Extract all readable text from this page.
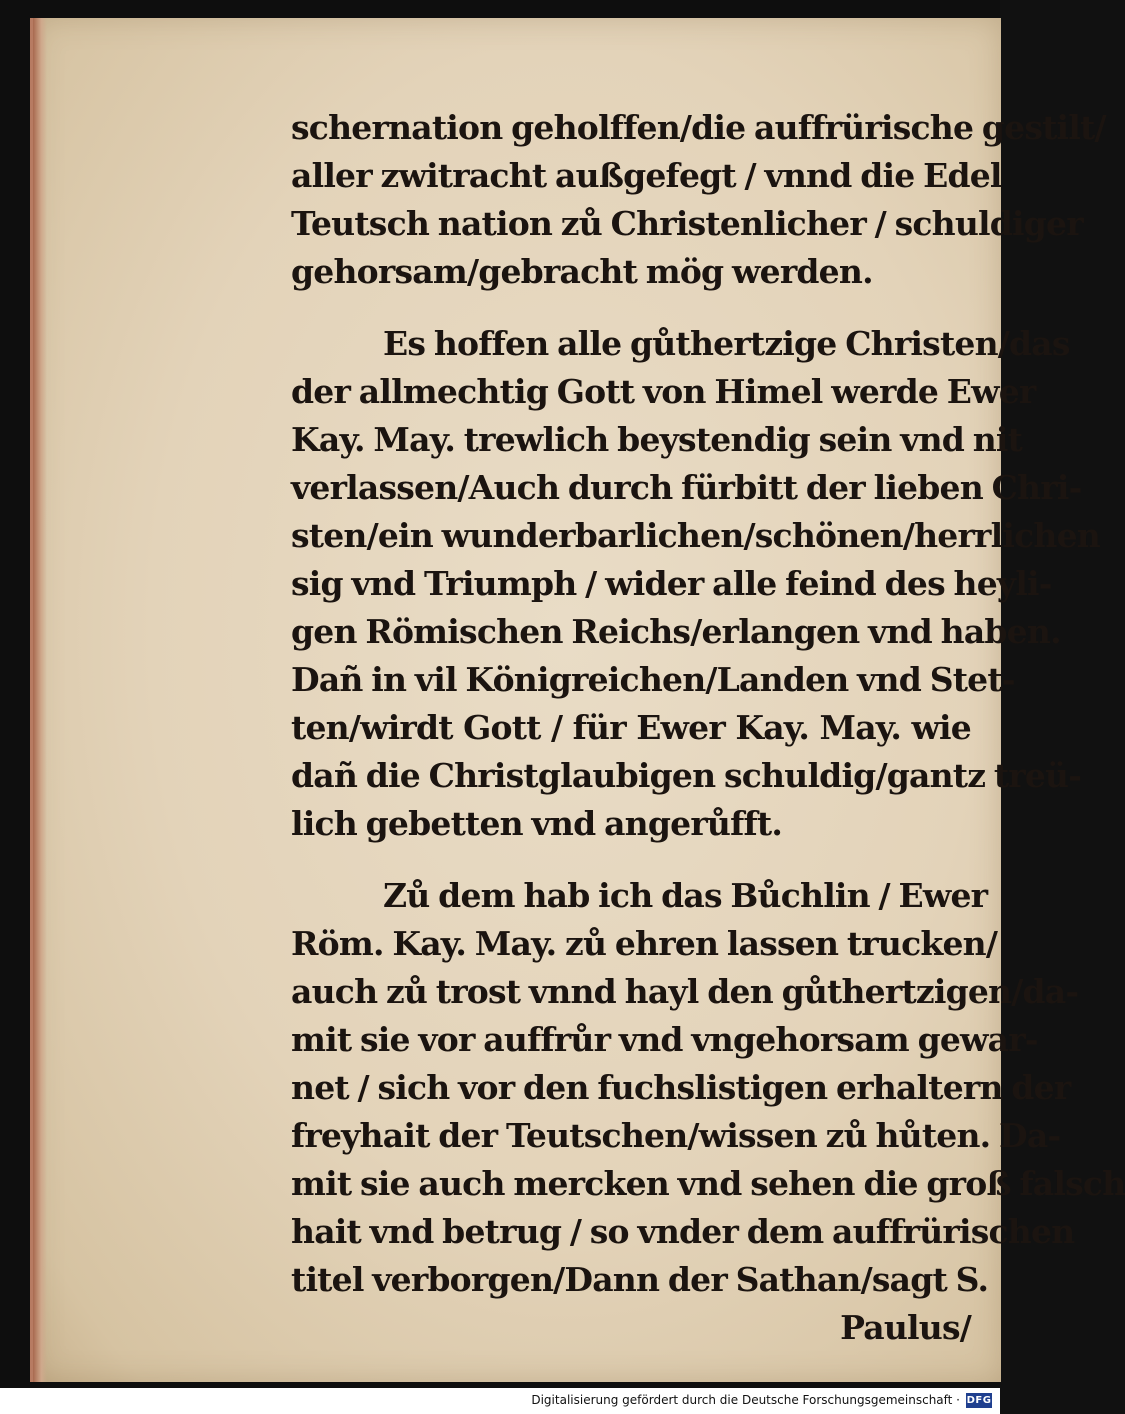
schernation geholffen/die auffrürische gestilt/
aller zwitracht außgefegt / vnnd die Edel
Teutsch nation zů Christenlicher / schuldiger
gehorsam/gebracht mög werden.
Es hoffen alle gůthertzige Christen/das
der allmechtig Gott von Himel werde Ewer
Kay. May. trewlich beystendig sein vnd nit
verlassen/Auch durch fürbitt der lieben Chri-
sten/ein wunderbarlichen/schönen/herrlichen
sig vnd Triumph / wider alle feind des heyli-
gen Römischen Reichs/erlangen vnd haben.
Dañ in vil Königreichen/Landen vnd Stet-
ten/wirdt Gott / für Ewer Kay. May. wie
dañ die Christglaubigen schuldig/gantz treü-
lich gebetten vnd angerůfft.
Zů dem hab ich das Bůchlin / Ewer
Röm. Kay. May. zů ehren lassen trucken/
auch zů trost vnnd hayl den gůthertzigen/da-
mit sie vor auffrůr vnd vngehorsam gewar-
net / sich vor den fuchslistigen erhaltern der
freyhait der Teutschen/wissen zů hůten. Da-
mit sie auch mercken vnd sehen die groß falsch
hait vnd betrug / so vnder dem auffrürischen
titel verborgen/Dann der Sathan/sagt S.
Paulus/
Digitalisierung gefördert durch die Deutsche Forschungsgemeinschaft · DFG
